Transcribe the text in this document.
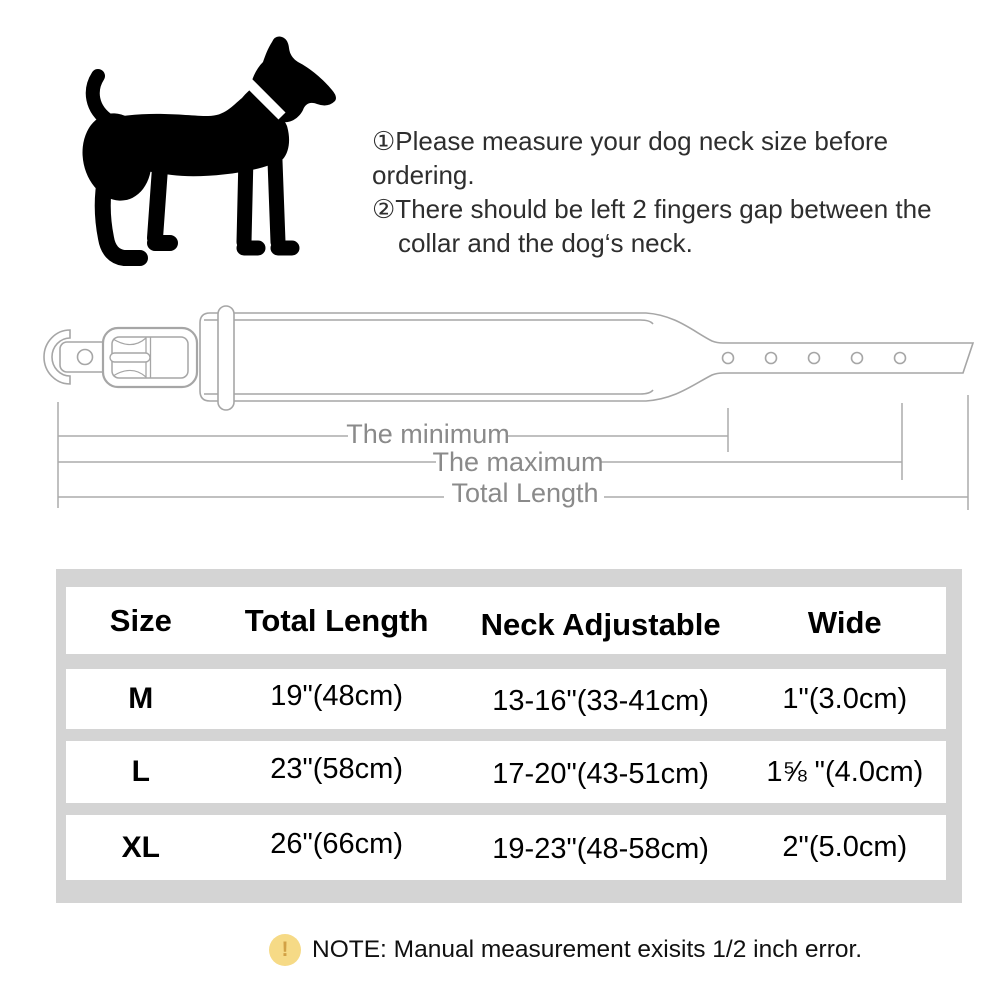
①Please measure your dog neck size before ordering.
②There should be left 2 fingers gap between the
collar and the dog‘s neck.
The minimum
The maximum
Total Length
Size	Total Length	Neck Adjustable	Wide
M	19"(48cm)	13-16"(33-41cm)	1"(3.0cm)
L	23"(58cm)	17-20"(43-51cm)	1⅝ "(4.0cm)
XL	26"(66cm)	19-23"(48-58cm)	2"(5.0cm)
! NOTE: Manual measurement exisits 1/2 inch error.
